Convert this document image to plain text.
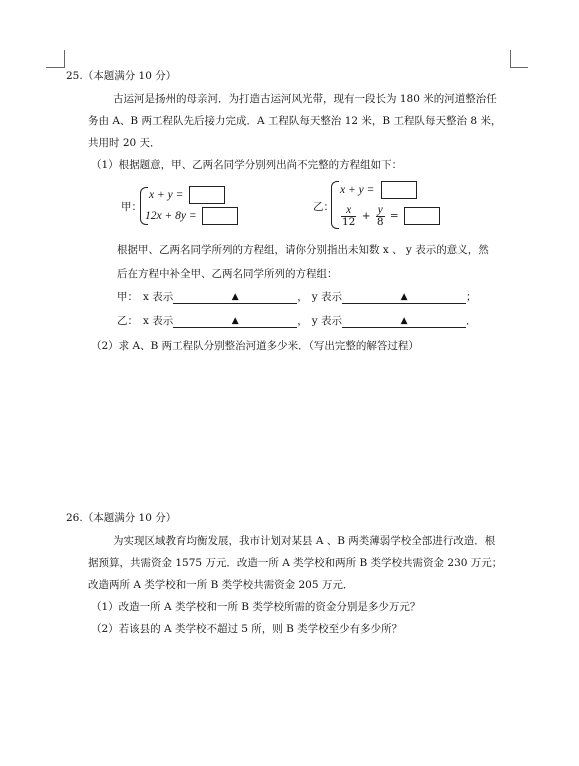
25.（本题满分 10 分）
古运河是扬州的母亲河．为打造古运河风光带，现有一段长为 180 米的河道整治任
务由 A、B 两工程队先后接力完成．A 工程队每天整治 12 米，B 工程队每天整治 8 米，
共用时 20 天．
（1）根据题意，甲、乙两名同学分别列出尚不完整的方程组如下：
甲：
x + y =
12x + 8y =
乙：
x + y =
$\frac{x}{12} + \frac{y}{8}$ =
根据甲、乙两名同学所列的方程组，请你分别指出未知数 x 、 y 表示的意义，然
后在方程中补全甲、乙两名同学所列的方程组：
甲： x 表示	▲	， y 表示	▲	；
乙： x 表示	▲	， y 表示	▲	．
（2）求 A、B 两工程队分别整治河道多少米．（写出完整的解答过程）
26.（本题满分 10 分）
为实现区域教育均衡发展，我市计划对某县 A 、B 两类薄弱学校全部进行改造．根
据预算，共需资金 1575 万元．改造一所 A 类学校和两所 B 类学校共需资金 230 万元；
改造两所 A 类学校和一所 B 类学校共需资金 205 万元．
（1）改造一所 A 类学校和一所 B 类学校所需的资金分别是多少万元？
（2）若该县的 A 类学校不超过 5 所，则 B 类学校至少有多少所？
